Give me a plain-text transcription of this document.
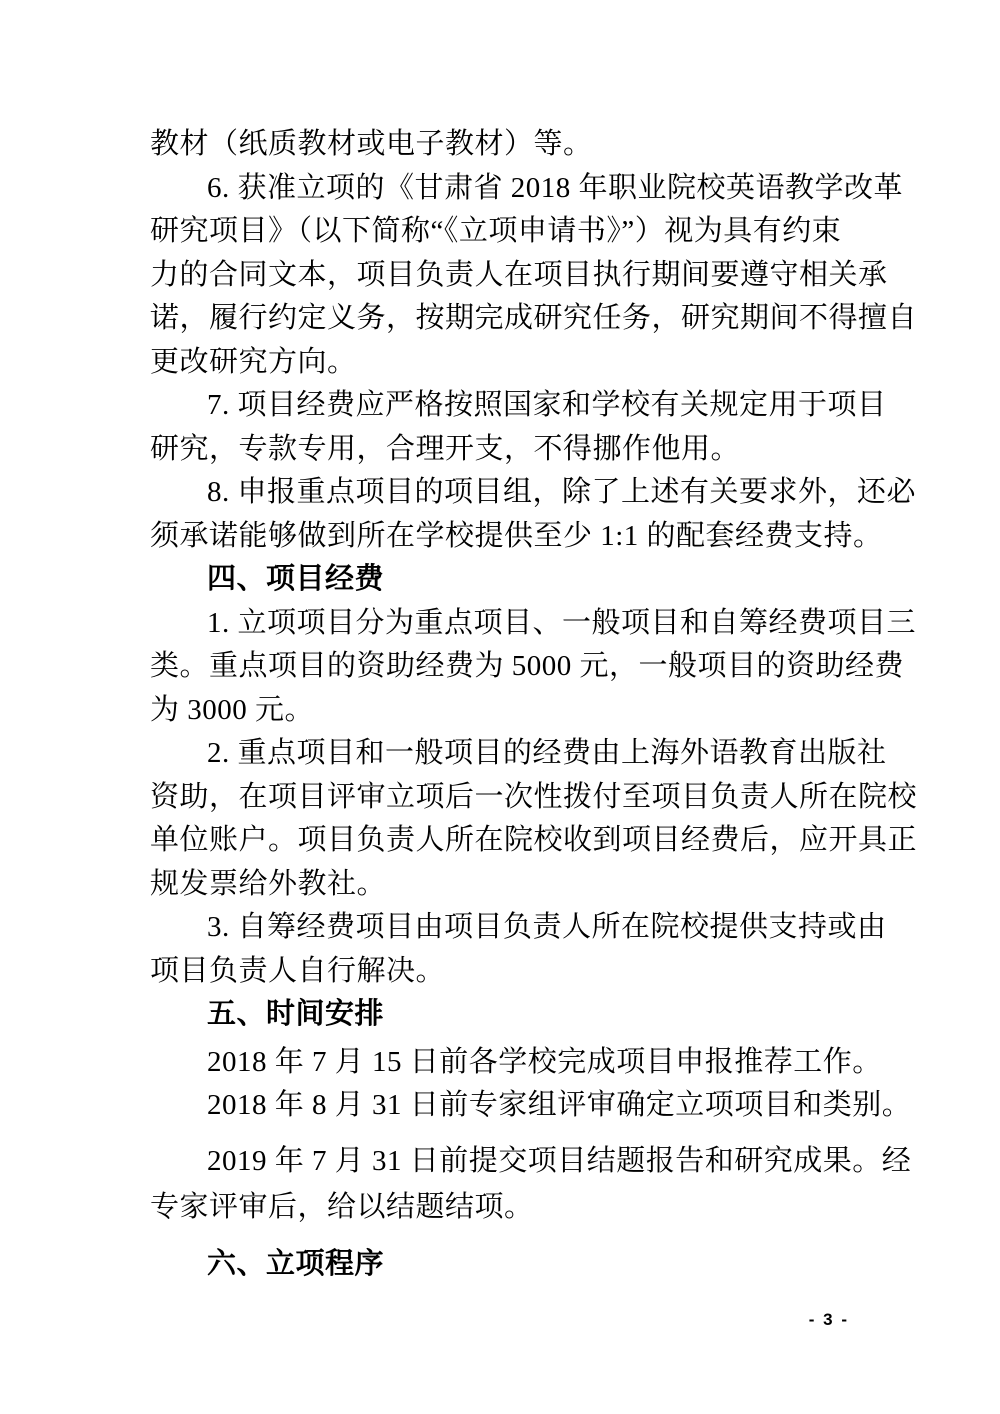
教材（纸质教材或电子教材）等。
6. 获准立项的《甘肃省 2018 年职业院校英语教学改革
研究项目》（以下简称“《立项申请书》”）视为具有约束
力的合同文本，项目负责人在项目执行期间要遵守相关承
诺，履行约定义务，按期完成研究任务，研究期间不得擅自
更改研究方向。
7. 项目经费应严格按照国家和学校有关规定用于项目
研究，专款专用，合理开支，不得挪作他用。
8. 申报重点项目的项目组，除了上述有关要求外，还必
须承诺能够做到所在学校提供至少 1:1 的配套经费支持。
四、项目经费
1. 立项项目分为重点项目、一般项目和自筹经费项目三
类。重点项目的资助经费为 5000 元，一般项目的资助经费
为 3000 元。
2. 重点项目和一般项目的经费由上海外语教育出版社
资助，在项目评审立项后一次性拨付至项目负责人所在院校
单位账户。项目负责人所在院校收到项目经费后，应开具正
规发票给外教社。
3. 自筹经费项目由项目负责人所在院校提供支持或由
项目负责人自行解决。
五、时间安排
2018 年 7 月 15 日前各学校完成项目申报推荐工作。
2018 年 8 月 31 日前专家组评审确定立项项目和类别。
2019 年 7 月 31 日前提交项目结题报告和研究成果。经
专家评审后，给以结题结项。
六、立项程序
- 3 -
